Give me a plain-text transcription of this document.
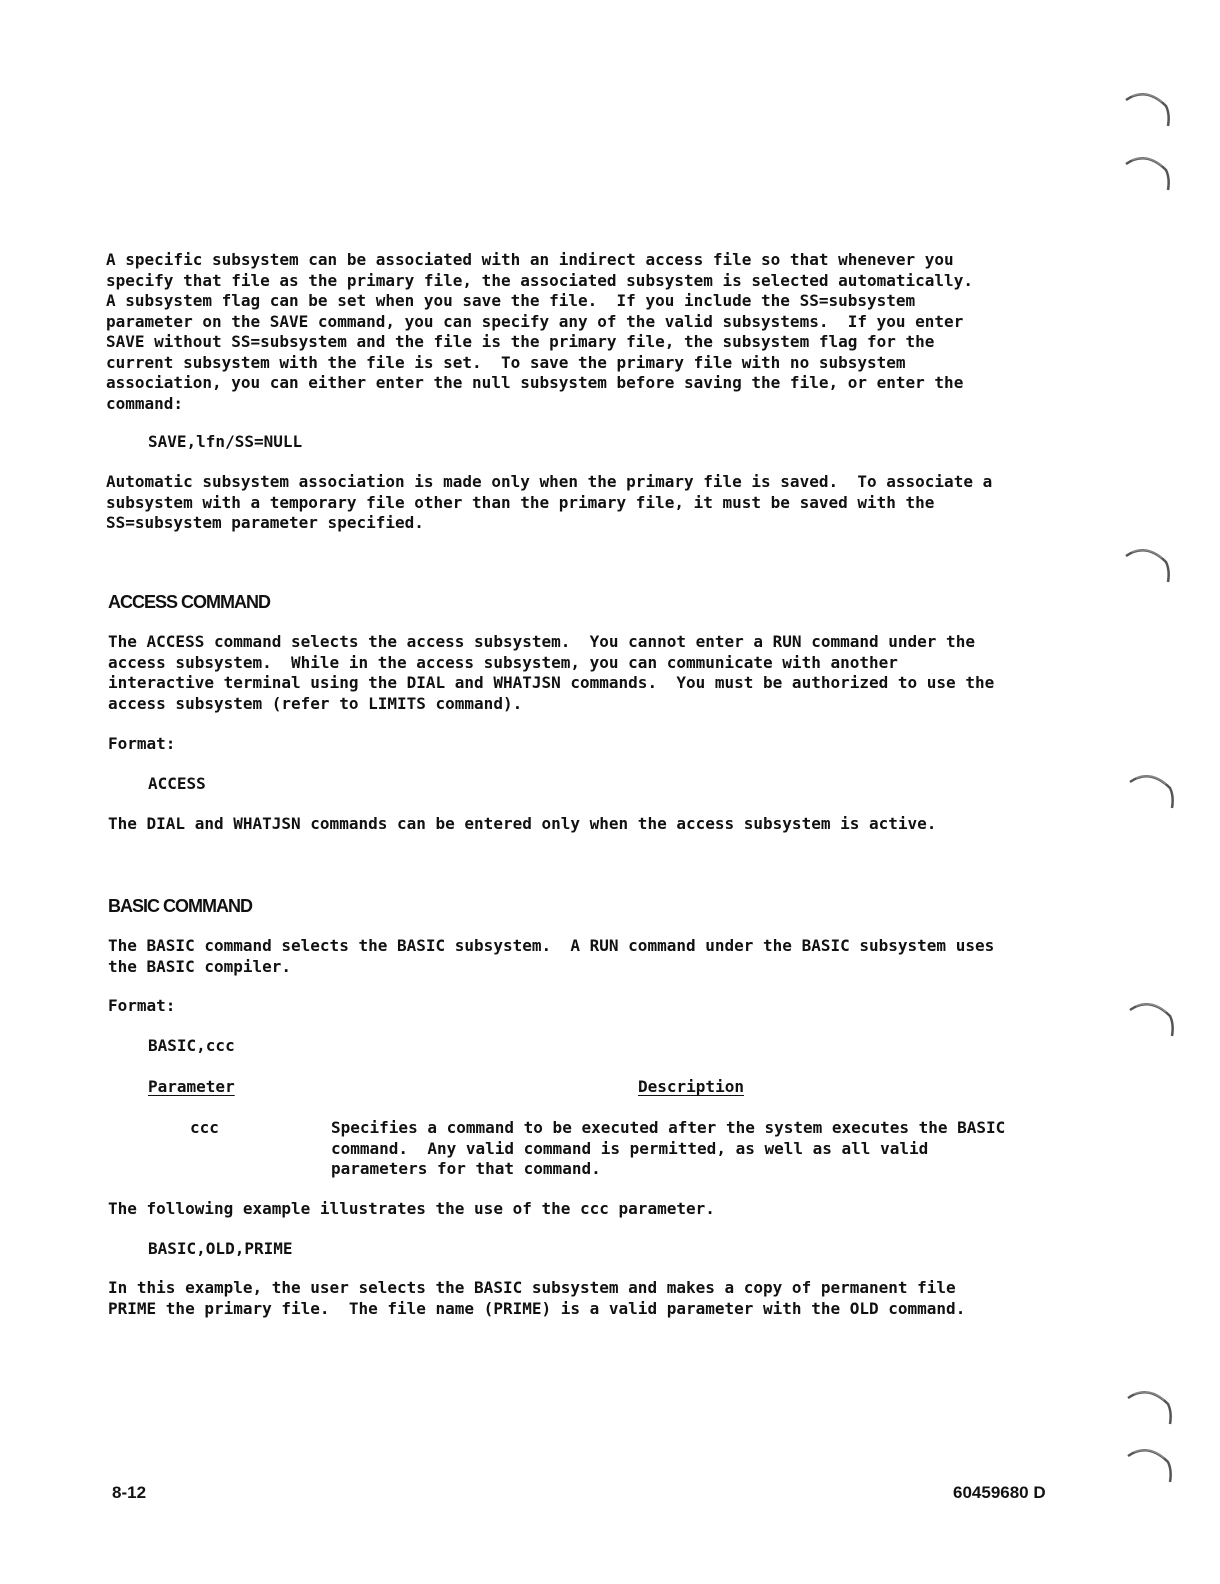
A specific subsystem can be associated with an indirect access file so that whenever you
specify that file as the primary file, the associated subsystem is selected automatically.
A subsystem flag can be set when you save the file.  If you include the SS=subsystem
parameter on the SAVE command, you can specify any of the valid subsystems.  If you enter
SAVE without SS=subsystem and the file is the primary file, the subsystem flag for the
current subsystem with the file is set.  To save the primary file with no subsystem
association, you can either enter the null subsystem before saving the file, or enter the
command:

SAVE,lfn/SS=NULL

Automatic subsystem association is made only when the primary file is saved.  To associate a
subsystem with a temporary file other than the primary file, it must be saved with the
SS=subsystem parameter specified.

ACCESS COMMAND

The ACCESS command selects the access subsystem.  You cannot enter a RUN command under the
access subsystem.  While in the access subsystem, you can communicate with another
interactive terminal using the DIAL and WHATJSN commands.  You must be authorized to use the
access subsystem (refer to LIMITS command).

Format:

ACCESS

The DIAL and WHATJSN commands can be entered only when the access subsystem is active.

BASIC COMMAND

The BASIC command selects the BASIC subsystem.  A RUN command under the BASIC subsystem uses
the BASIC compiler.

Format:

BASIC,ccc

Parameter	Description

ccc	Specifies a command to be executed after the system executes the BASIC
command.  Any valid command is permitted, as well as all valid
parameters for that command.

The following example illustrates the use of the ccc parameter.

BASIC,OLD,PRIME

In this example, the user selects the BASIC subsystem and makes a copy of permanent file
PRIME the primary file.  The file name (PRIME) is a valid parameter with the OLD command.

8-12	60459680 D
